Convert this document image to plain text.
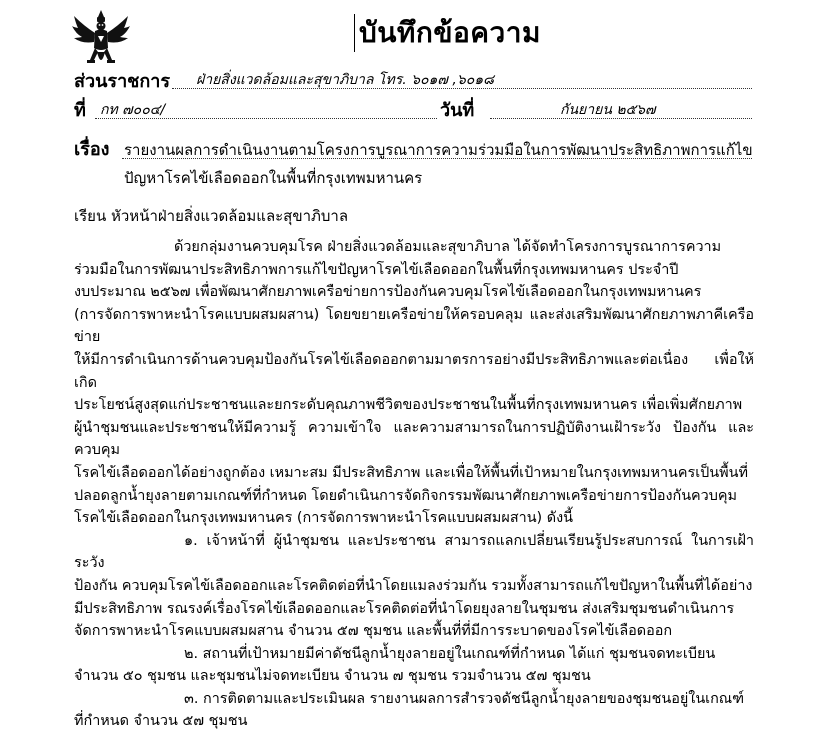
บันทึกข้อความ
ส่วนราชการ ฝ่ายสิ่งแวดล้อมและสุขาภิบาล โทร. ๖๐๑๗ ,๖๐๑๘
ที่ กท ๗๐๐๔/	วันที่	กันยายน ๒๕๖๗
เรื่อง รายงานผลการดำเนินงานตามโครงการบูรณาการความร่วมมือในการพัฒนาประสิทธิภาพการแก้ไข
ปัญหาโรคไข้เลือดออกในพื้นที่กรุงเทพมหานคร
เรียน หัวหน้าฝ่ายสิ่งแวดล้อมและสุขาภิบาล

ด้วยกลุ่มงานควบคุมโรค ฝ่ายสิ่งแวดล้อมและสุขาภิบาล ได้จัดทำโครงการบูรณาการความ

ร่วมมือในการพัฒนาประสิทธิภาพการแก้ไขปัญหาโรคไข้เลือดออกในพื้นที่กรุงเทพมหานคร ประจำปี

งบประมาณ ๒๕๖๗ เพื่อพัฒนาศักยภาพเครือข่ายการป้องกันควบคุมโรคไข้เลือดออกในกรุงเทพมหานคร

(การจัดการพาหะนำโรคแบบผสมผสาน) โดยขยายเครือข่ายให้ครอบคลุม และส่งเสริมพัฒนาศักยภาพภาคีเครือข่าย

ให้มีการดำเนินการด้านควบคุมป้องกันโรคไข้เลือดออกตามมาตรการอย่างมีประสิทธิภาพและต่อเนื่อง เพื่อให้เกิด

ประโยชน์สูงสุดแก่ประชาชนและยกระดับคุณภาพชีวิตของประชาชนในพื้นที่กรุงเทพมหานคร เพื่อเพิ่มศักยภาพ

ผู้นำชุมชนและประชาชนให้มีความรู้ ความเข้าใจ และความสามารถในการปฏิบัติงานเฝ้าระวัง ป้องกัน และควบคุม

โรคไข้เลือดออกได้อย่างถูกต้อง เหมาะสม มีประสิทธิภาพ และเพื่อให้พื้นที่เป้าหมายในกรุงเทพมหานครเป็นพื้นที่

ปลอดลูกน้ำยุงลายตามเกณฑ์ที่กำหนด โดยดำเนินการจัดกิจกรรมพัฒนาศักยภาพเครือข่ายการป้องกันควบคุม

โรคไข้เลือดออกในกรุงเทพมหานคร (การจัดการพาหะนำโรคแบบผสมผสาน) ดังนี้

๑. เจ้าหน้าที่ ผู้นำชุมชน และประชาชน สามารถแลกเปลี่ยนเรียนรู้ประสบการณ์ ในการเฝ้าระวัง

ป้องกัน ควบคุมโรคไข้เลือดออกและโรคติดต่อที่นำโดยแมลงร่วมกัน รวมทั้งสามารถแก้ไขปัญหาในพื้นที่ได้อย่าง

มีประสิทธิภาพ รณรงค์เรื่องโรคไข้เลือดออกและโรคติดต่อที่นำโดยยุงลายในชุมชน ส่งเสริมชุมชนดำเนินการ

จัดการพาหะนำโรคแบบผสมผสาน จำนวน ๕๗ ชุมชน และพื้นที่ที่มีการระบาดของโรคไข้เลือดออก

๒. สถานที่เป้าหมายมีค่าดัชนีลูกน้ำยุงลายอยู่ในเกณฑ์ที่กำหนด ได้แก่ ชุมชนจดทะเบียน

จำนวน ๕๐ ชุมชน และชุมชนไม่จดทะเบียน จำนวน ๗ ชุมชน รวมจำนวน ๕๗ ชุมชน

๓. การติดตามและประเมินผล รายงานผลการสำรวจดัชนีลูกน้ำยุงลายของชุมชนอยู่ในเกณฑ์

ที่กำหนด จำนวน ๕๗ ชุมชน
